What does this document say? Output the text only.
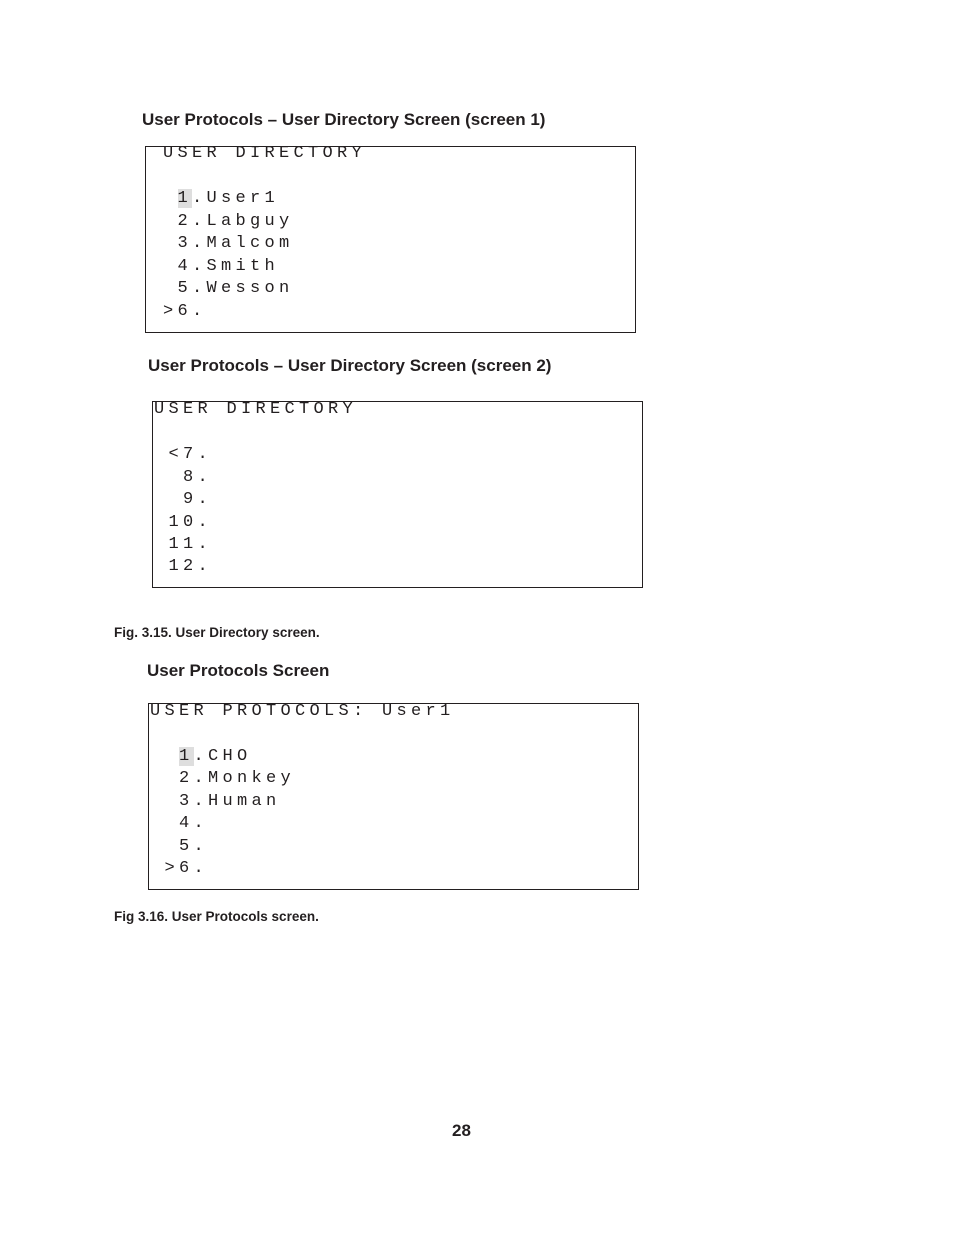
User Protocols – User Directory Screen (screen 1)
USER DIRECTORY
1.User1
2.Labguy
3.Malcom
4.Smith
5.Wesson
>6.
User Protocols – User Directory Screen (screen 2)
USER DIRECTORY
<7.
8.
9.
10.
11.
12.

Fig. 3.15. User Directory screen.

User Protocols Screen
USER PROTOCOLS: User1
1.CHO
2.Monkey
3.Human
4.
5.
>6.

Fig 3.16. User Protocols screen.

28
